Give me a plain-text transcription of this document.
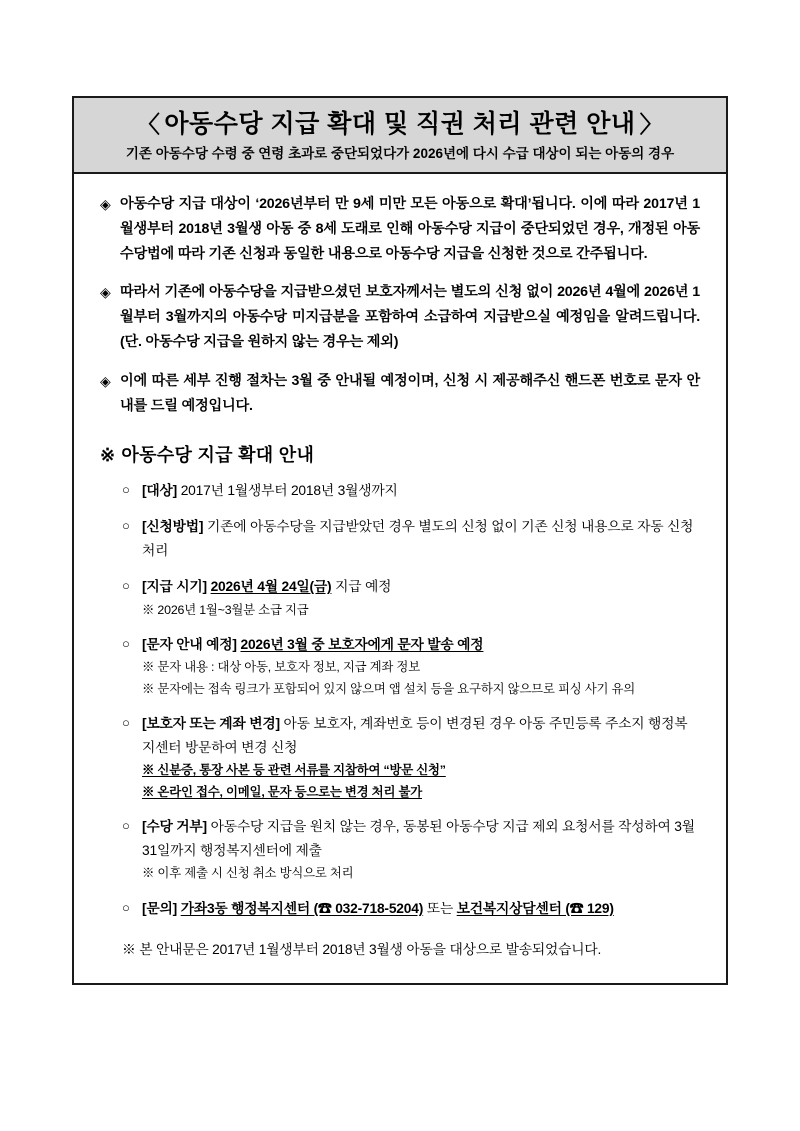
〈 아동수당 지급 확대 및 직권 처리 관련 안내 〉
기존 아동수당 수령 중 연령 초과로 중단되었다가 2026년에 다시 수급 대상이 되는 아동의 경우
◈ 아동수당 지급 대상이 ‘2026년부터 만 9세 미만 모든 아동으로 확대’됩니다. 이에 따라 2017년 1월생부터 2018년 3월생 아동 중 8세 도래로 인해 아동수당 지급이 중단되었던 경우, 개정된 아동수당법에 따라 기존 신청과 동일한 내용으로 아동수당 지급을 신청한 것으로 간주됩니다.
◈ 따라서 기존에 아동수당을 지급받으셨던 보호자께서는 별도의 신청 없이 2026년 4월에 2026년 1월부터 3월까지의 아동수당 미지급분을 포함하여 소급하여 지급받으실 예정임을 알려드립니다. (단. 아동수당 지급을 원하지 않는 경우는 제외)
◈ 이에 따른 세부 진행 절차는 3월 중 안내될 예정이며, 신청 시 제공해주신 핸드폰 번호로 문자 안내를 드릴 예정입니다.
※ 아동수당 지급 확대 안내
○ [대상] 2017년 1월생부터 2018년 3월생까지
○ [신청방법] 기존에 아동수당을 지급받았던 경우 별도의 신청 없이 기존 신청 내용으로 자동 신청 처리
○ [지급 시기] 2026년 4월 24일(금) 지급 예정
※ 2026년 1월~3월분 소급 지급
○ [문자 안내 예정] 2026년 3월 중 보호자에게 문자 발송 예정
※ 문자 내용 : 대상 아동, 보호자 정보, 지급 계좌 정보
※ 문자에는 접속 링크가 포함되어 있지 않으며 앱 설치 등을 요구하지 않으므로 피싱 사기 유의
○ [보호자 또는 계좌 변경] 아동 보호자, 계좌번호 등이 변경된 경우 아동 주민등록 주소지 행정복지센터 방문하여 변경 신청
※ 신분증, 통장 사본 등 관련 서류를 지참하여 “방문 신청”
※ 온라인 접수, 이메일, 문자 등으로는 변경 처리 불가
○ [수당 거부] 아동수당 지급을 원치 않는 경우, 동봉된 아동수당 지급 제외 요청서를 작성하여 3월 31일까지 행정복지센터에 제출
※ 이후 제출 시 신청 취소 방식으로 처리
○ [문의] 가좌3동 행정복지센터 (☎ 032-718-5204) 또는 보건복지상담센터 (☎ 129)
※ 본 안내문은 2017년 1월생부터 2018년 3월생 아동을 대상으로 발송되었습니다.
